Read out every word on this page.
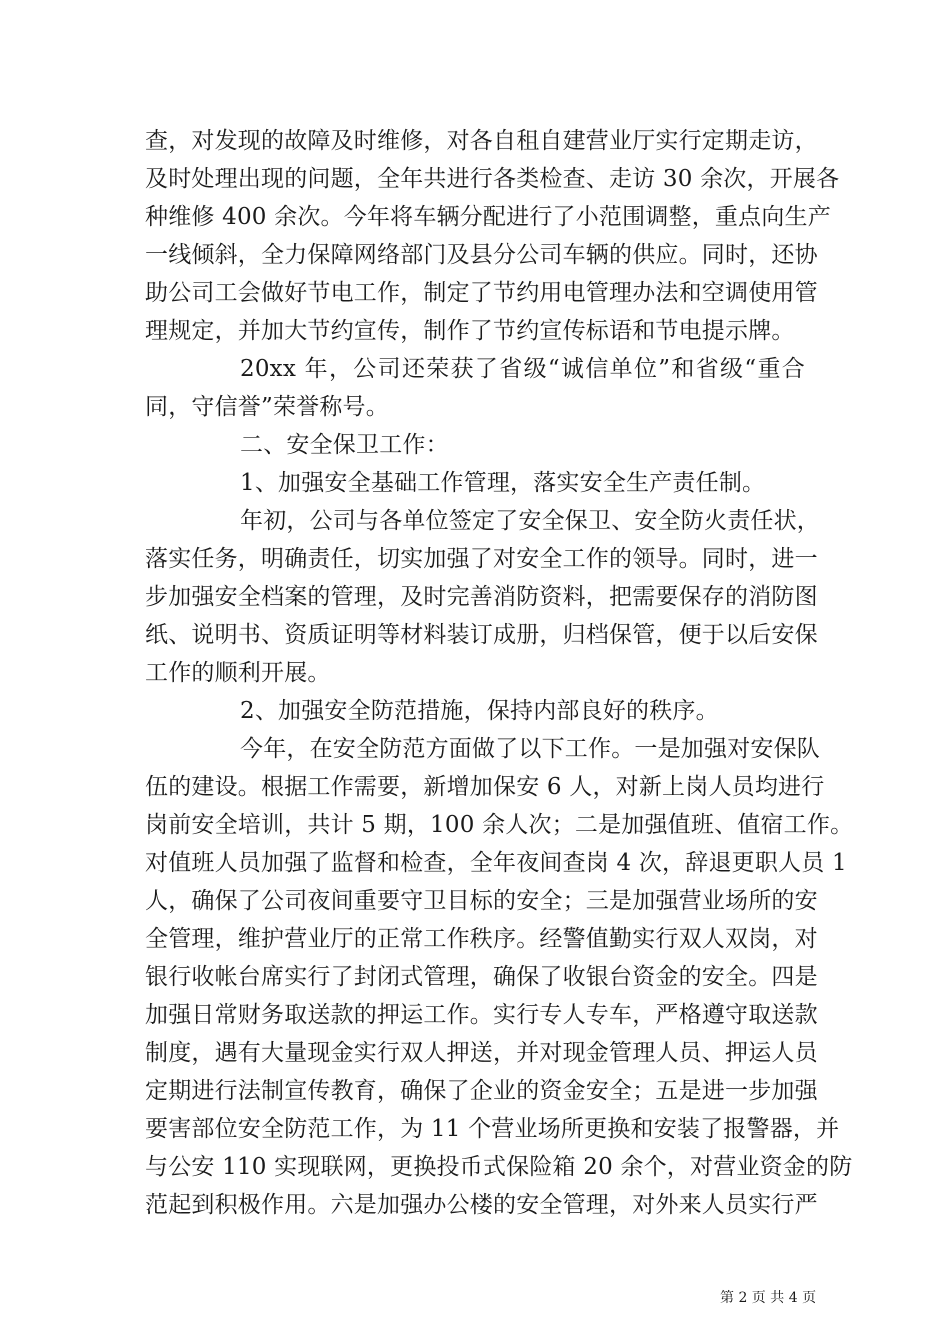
查，对发现的故障及时维修，对各自租自建营业厅实行定期走访，
及时处理出现的问题，全年共进行各类检查、走访 30 余次，开展各
种维修 400 余次。今年将车辆分配进行了小范围调整，重点向生产
一线倾斜，全力保障网络部门及县分公司车辆的供应。同时，还协
助公司工会做好节电工作，制定了节约用电管理办法和空调使用管
理规定，并加大节约宣传，制作了节约宣传标语和节电提示牌。
20xx 年，公司还荣获了省级“诚信单位”和省级“重合
同，守信誉”荣誉称号。
二、安全保卫工作：
1、加强安全基础工作管理，落实安全生产责任制。
年初，公司与各单位签定了安全保卫、安全防火责任状，
落实任务，明确责任，切实加强了对安全工作的领导。同时，进一
步加强安全档案的管理，及时完善消防资料，把需要保存的消防图
纸、说明书、资质证明等材料装订成册，归档保管，便于以后安保
工作的顺利开展。
2、加强安全防范措施，保持内部良好的秩序。
今年，在安全防范方面做了以下工作。一是加强对安保队
伍的建设。根据工作需要，新增加保安 6 人，对新上岗人员均进行
岗前安全培训，共计 5 期，100 余人次；二是加强值班、值宿工作。
对值班人员加强了监督和检查，全年夜间查岗 4 次，辞退更职人员 1
人，确保了公司夜间重要守卫目标的安全；三是加强营业场所的安
全管理，维护营业厅的正常工作秩序。经警值勤实行双人双岗，对
银行收帐台席实行了封闭式管理，确保了收银台资金的安全。四是
加强日常财务取送款的押运工作。实行专人专车，严格遵守取送款
制度，遇有大量现金实行双人押送，并对现金管理人员、押运人员
定期进行法制宣传教育，确保了企业的资金安全；五是进一步加强
要害部位安全防范工作，为 11 个营业场所更换和安装了报警器，并
与公安 110 实现联网，更换投币式保险箱 20 余个，对营业资金的防
范起到积极作用。六是加强办公楼的安全管理，对外来人员实行严
第 2 页 共 4 页
